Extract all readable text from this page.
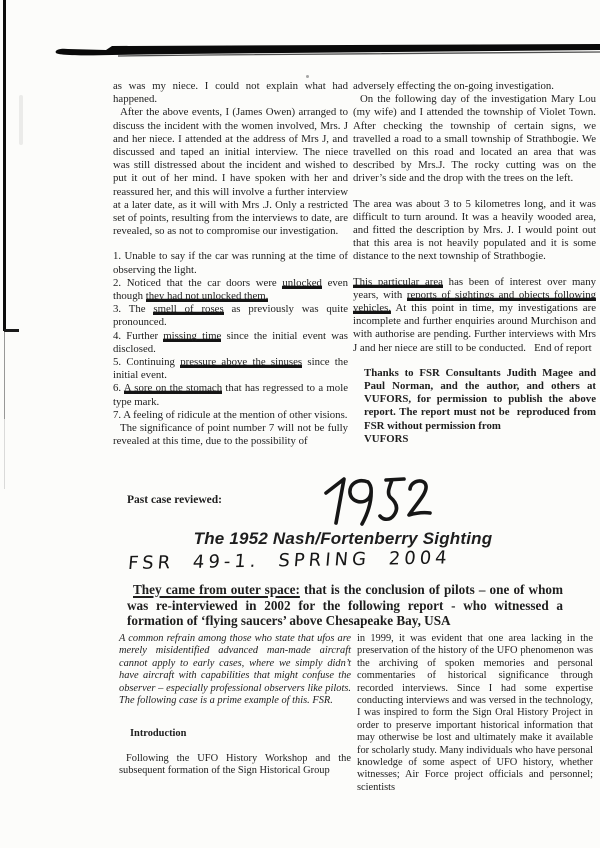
as was my niece. I could not explain what had happened.
After the above events, I (James Owen) arranged to discuss the incident with the women involved, Mrs. J and her niece. I attended at the address of Mrs J, and discussed and taped an initial interview. The niece was still distressed about the incident and wished to put it out of her mind. I have spoken with her and reassured her, and this will involve a further interview at a later date, as it will with Mrs .J. Only a restricted set of points, resulting from the interviews to date, are revealed, so as not to compromise our investigation.
1. Unable to say if the car was running at the time of observing the light.
2. Noticed that the car doors were unlocked even though they had not unlocked them.
3. The smell of roses as previously was quite pronounced.
4. Further missing time since the initial event was disclosed.
5. Continuing pressure above the sinuses since the initial event.
6. A sore on the stomach that has regressed to a mole type mark.
7. A feeling of ridicule at the mention of other visions.
The significance of point number 7 will not be fully revealed at this time, due to the possibility of
adversely effecting the on-going investigation.
On the following day of the investigation Mary Lou (my wife) and I attended the township of Violet Town. After checking the township of certain signs, we travelled a road to a small township of Strathbogie. We travelled on this road and located an area that was described by Mrs.J. The rocky cutting was on the driver’s side and the drop with the trees on the left.
The area was about 3 to 5 kilometres long, and it was difficult to turn around. It was a heavily wooded area, and fitted the description by Mrs. J. I would point out that this area is not heavily populated and it is some distance to the next township of Strathbogie.
This particular area has been of interest over many years, with reports of sightings and objects following vehicles. At this point in time, my investigations are incomplete and further enquiries around Murchison and with authorise are pending. Further interviews with Mrs J and her niece are still to be conducted.   End of report
Thanks to FSR Consultants Judith Magee and Paul Norman, and the author, and others at VUFORS, for permission to publish the above report. The report must not be  reproduced from FSR without permission from
VUFORS
Past case reviewed:
The 1952 Nash/Fortenberry Sighting
FSR 49-1. SPRING 2004
They came from outer space: that is the conclusion of pilots – one of whom was re-interviewed in 2002 for the following report - who witnessed a formation of ‘flying saucers’ above Chesapeake Bay, USA
A common refrain among those who state that ufos are merely misidentified advanced man-made aircraft cannot apply to early cases, where we simply didn’t have aircraft with capabilities that might confuse the observer – especially professional observers like pilots. The following case is a prime example of this. FSR.
Introduction
Following the UFO History Workshop and the subsequent formation of the Sign Historical Group
in 1999, it was evident that one area lacking in the preservation of the history of the UFO phenomenon was the archiving of spoken memories and personal commentaries of historical significance through recorded interviews. Since I had some expertise conducting interviews and was versed in the technology, I was inspired to form the Sign Oral History Project in order to preserve important historical information that may otherwise be lost and ultimately make it available for scholarly study. Many individuals who have personal knowledge of some aspect of UFO history, whether witnesses; Air Force project officials and personnel; scientists
